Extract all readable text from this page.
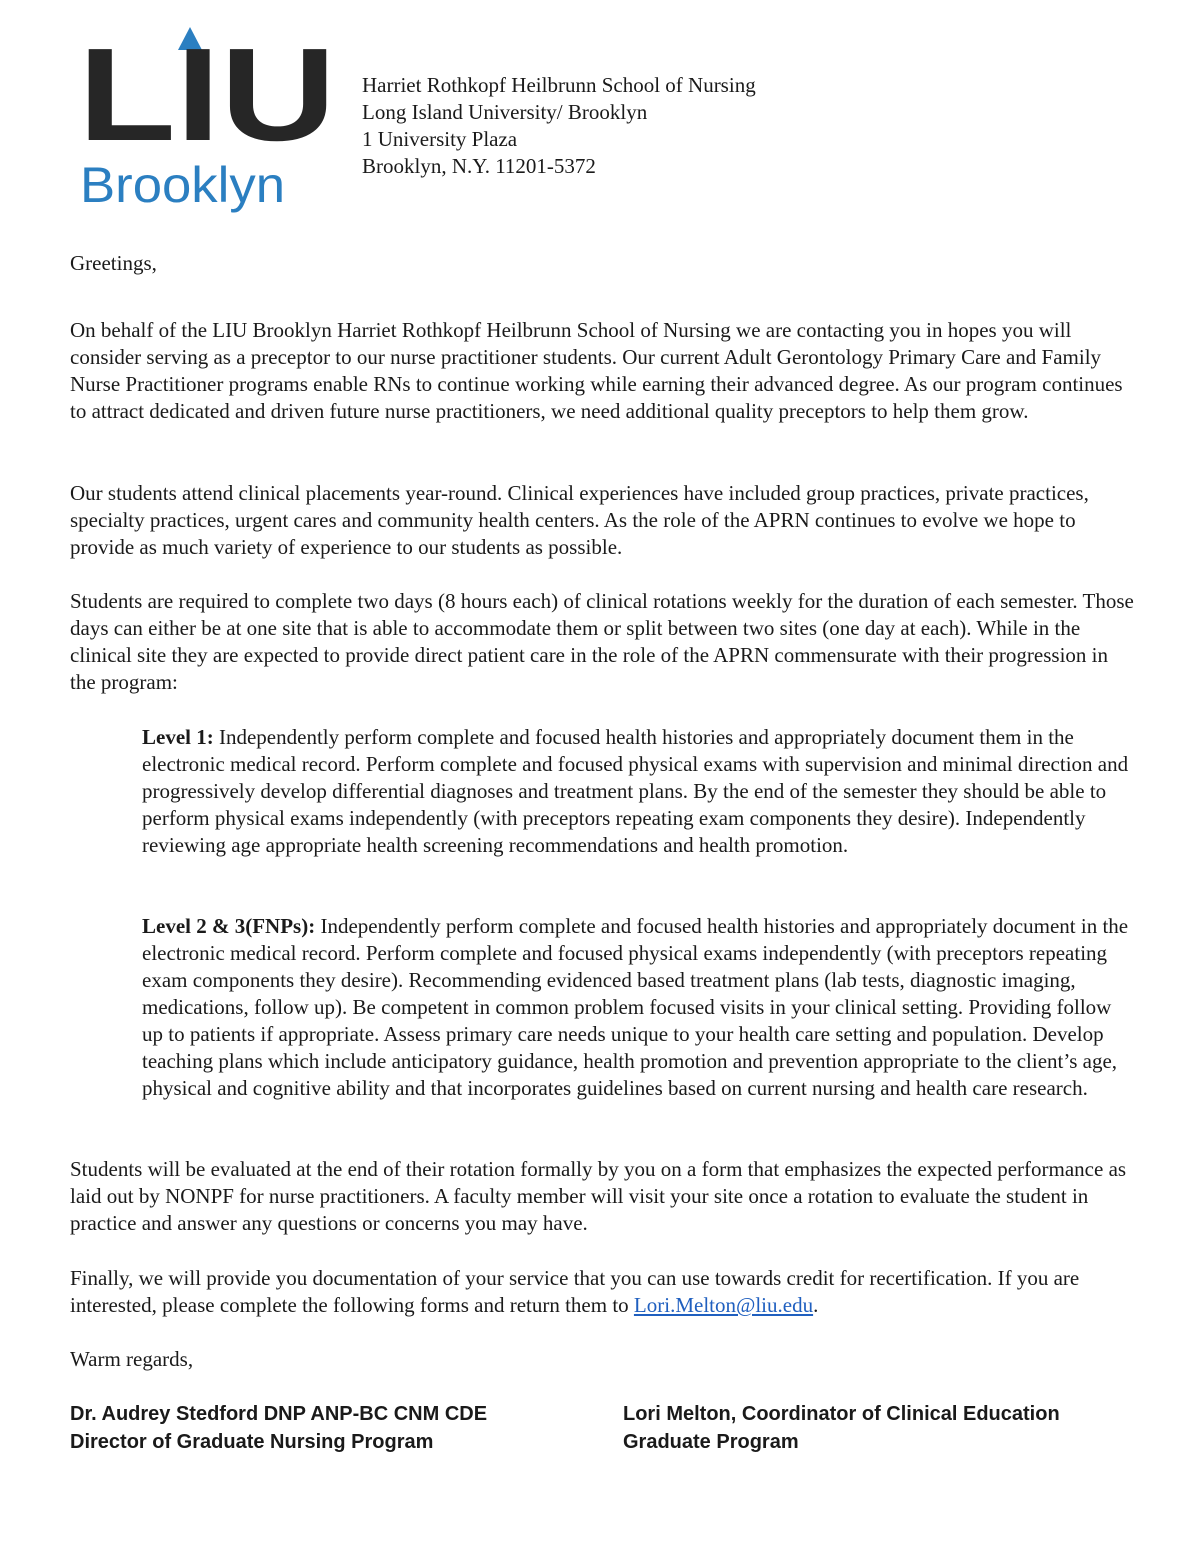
LIU
Brooklyn
Harriet Rothkopf Heilbrunn School of Nursing
Long Island University/ Brooklyn
1 University Plaza
Brooklyn, N.Y. 11201-5372

Greetings,

On behalf of the LIU Brooklyn Harriet Rothkopf Heilbrunn School of Nursing we are contacting you in hopes you will consider serving as a preceptor to our nurse practitioner students. Our current Adult Gerontology Primary Care and Family Nurse Practitioner programs enable RNs to continue working while earning their advanced degree. As our program continues to attract dedicated and driven future nurse practitioners, we need additional quality preceptors to help them grow.

Our students attend clinical placements year-round. Clinical experiences have included group practices, private practices, specialty practices, urgent cares and community health centers. As the role of the APRN continues to evolve we hope to provide as much variety of experience to our students as possible.

Students are required to complete two days (8 hours each) of clinical rotations weekly for the duration of each semester. Those days can either be at one site that is able to accommodate them or split between two sites (one day at each). While in the clinical site they are expected to provide direct patient care in the role of the APRN commensurate with their progression in the program:

Level 1: Independently perform complete and focused health histories and appropriately document them in the electronic medical record. Perform complete and focused physical exams with supervision and minimal direction and progressively develop differential diagnoses and treatment plans. By the end of the semester they should be able to perform physical exams independently (with preceptors repeating exam components they desire). Independently reviewing age appropriate health screening recommendations and health promotion.

Level 2 & 3(FNPs): Independently perform complete and focused health histories and appropriately document in the electronic medical record. Perform complete and focused physical exams independently (with preceptors repeating exam components they desire). Recommending evidenced based treatment plans (lab tests, diagnostic imaging, medications, follow up). Be competent in common problem focused visits in your clinical setting. Providing follow up to patients if appropriate. Assess primary care needs unique to your health care setting and population. Develop teaching plans which include anticipatory guidance, health promotion and prevention appropriate to the client’s age, physical and cognitive ability and that incorporates guidelines based on current nursing and health care research.

Students will be evaluated at the end of their rotation formally by you on a form that emphasizes the expected performance as laid out by NONPF for nurse practitioners. A faculty member will visit your site once a rotation to evaluate the student in practice and answer any questions or concerns you may have.

Finally, we will provide you documentation of your service that you can use towards credit for recertification. If you are interested, please complete the following forms and return them to Lori.Melton@liu.edu.

Warm regards,

Dr. Audrey Stedford DNP ANP-BC CNM CDE
Director of Graduate Nursing Program
Lori Melton, Coordinator of Clinical Education
Graduate Program
